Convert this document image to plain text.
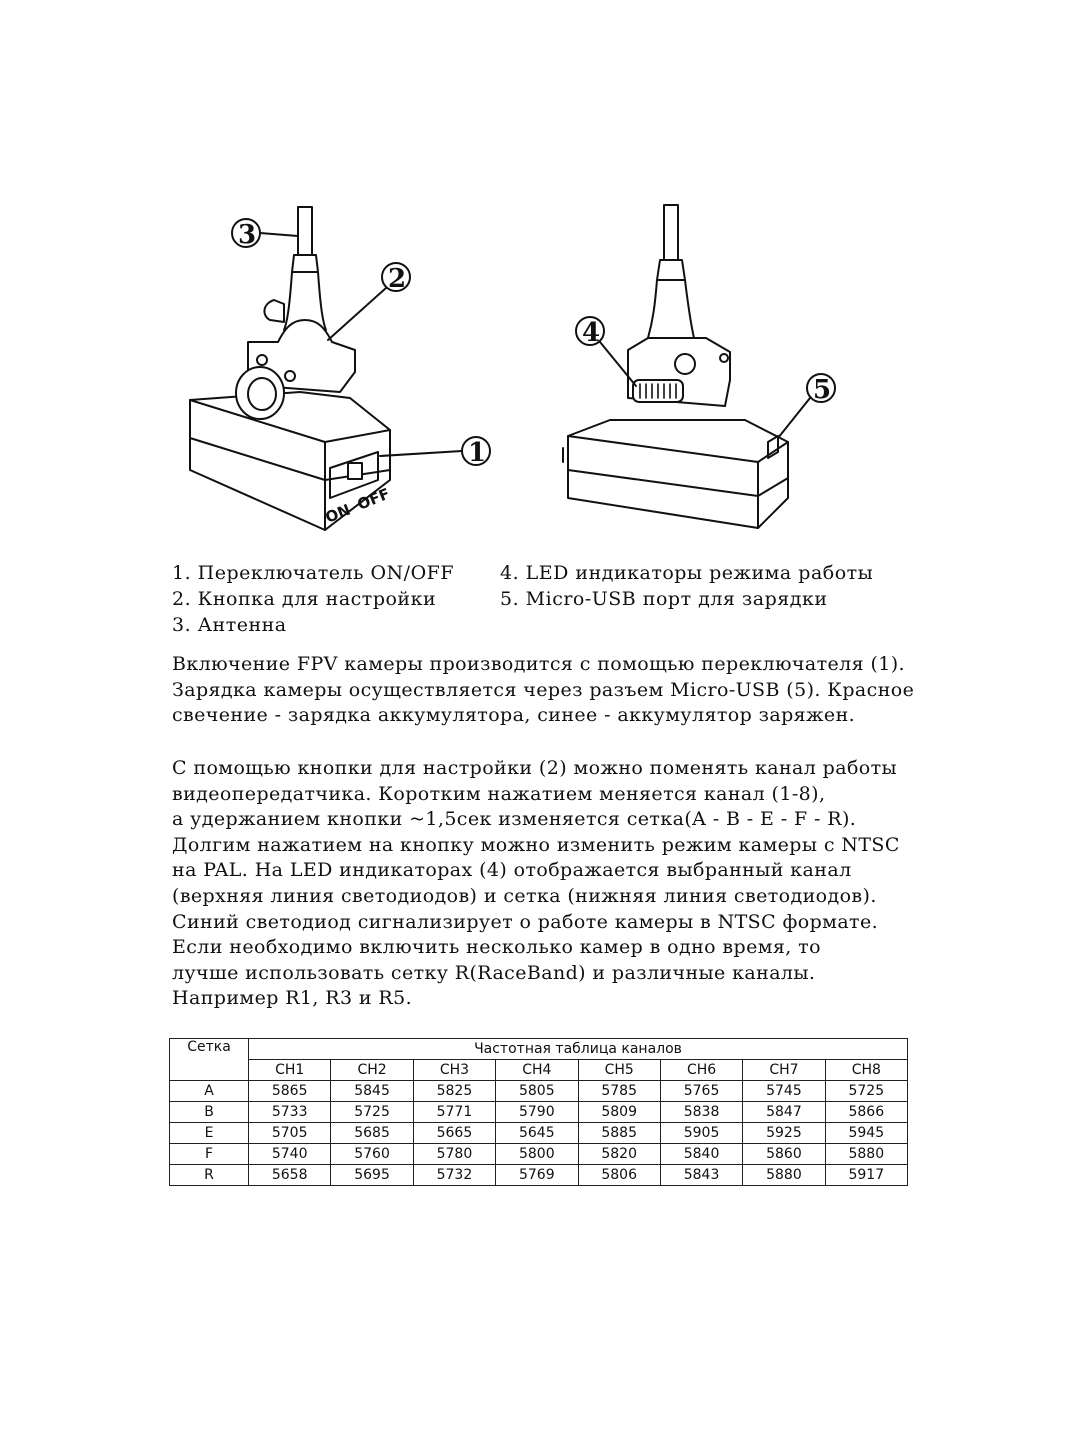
ON OFF
3
2
1
4
5
1. Переключатель ON/OFF	4. LED индикаторы режима работы
2. Кнопка для настройки	5. Micro-USB порт для зарядки
3. Антенна

Включение FPV камеры производится с помощью переключателя (1).
Зарядка камеры осуществляется через разъем Micro-USB (5). Красное
свечение - зарядка аккумулятора, синее - аккумулятор заряжен.

С помощью кнопки для настройки (2) можно поменять канал работы
видеопередатчика. Коротким нажатием меняется канал (1-8),
а удержанием кнопки ~1,5сек изменяется сетка(A - B - E - F - R).
Долгим нажатием на кнопку можно изменить режим камеры с NTSC
на PAL. На LED индикаторах (4) отображается выбранный канал
(верхняя линия светодиодов) и сетка (нижняя линия светодиодов).
Синий светодиод сигнализирует о работе камеры в NTSC формате.
Если необходимо включить несколько камер в одно время, то
лучше использовать сетку R(RaceBand) и различные каналы.
Например R1, R3 и R5.

Сетка	Частотная таблица каналов							
	CH1	CH2	CH3	CH4	CH5	CH6	CH7	CH8
A	5865	5845	5825	5805	5785	5765	5745	5725
B	5733	5725	5771	5790	5809	5838	5847	5866
E	5705	5685	5665	5645	5885	5905	5925	5945
F	5740	5760	5780	5800	5820	5840	5860	5880
R	5658	5695	5732	5769	5806	5843	5880	5917
